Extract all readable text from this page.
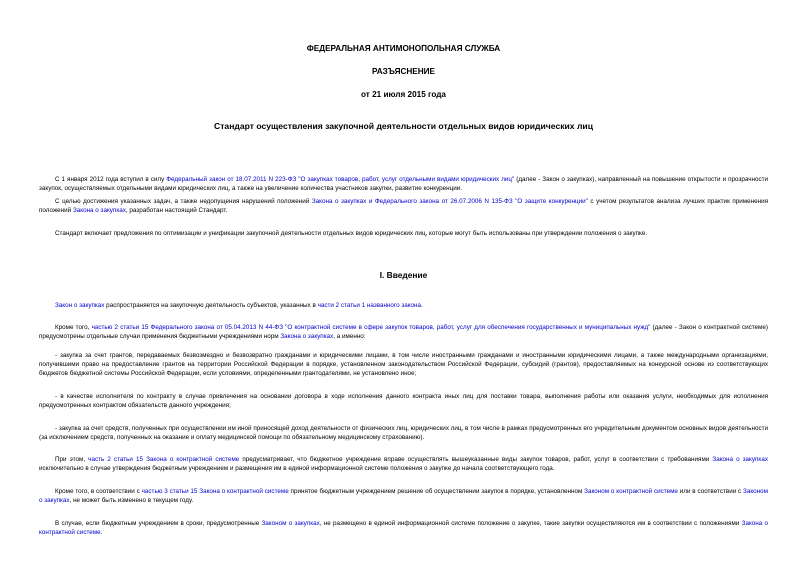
ФЕДЕРАЛЬНАЯ АНТИМОНОПОЛЬНАЯ СЛУЖБА
РАЗЪЯСНЕНИЕ
от 21 июля 2015 года
Стандарт осуществления закупочной деятельности отдельных видов юридических лиц

С 1 января 2012 года вступил в силу Федеральный закон от 18.07.2011 N 223-ФЗ "О закупках товаров, работ, услуг отдельными видами юридических лиц" (далее - Закон о закупках), направленный на повышение открытости и прозрачности закупок, осуществляемых отдельными видами юридических лиц, а также на увеличение количества участников закупки, развитие конкуренции.

С целью достижения указанных задач, а также недопущения нарушений положений Закона о закупках и Федерального закона от 26.07.2006 N 135-ФЗ "О защите конкуренции" с учетом результатов анализа лучших практик применения положений Закона о закупках, разработан настоящий Стандарт.

Стандарт включает предложения по оптимизации и унификации закупочной деятельности отдельных видов юридических лиц, которые могут быть использованы при утверждении положения о закупке.

I. Введение

Закон о закупках распространяется на закупочную деятельность субъектов, указанных в части 2 статьи 1 названного закона.

Кроме того, частью 2 статьи 15 Федерального закона от 05.04.2013 N 44-ФЗ "О контрактной системе в сфере закупок товаров, работ, услуг для обеспечения государственных и муниципальных нужд" (далее - Закон о контрактной системе) предусмотрены отдельные случаи применения бюджетными учреждениями норм Закона о закупках, а именно:

- закупка за счет грантов, передаваемых безвозмездно и безвозвратно гражданами и юридическими лицами, в том числе иностранными гражданами и иностранными юридическими лицами, а также международными организациями, получившими право на предоставление грантов на территории Российской Федерации в порядке, установленном законодательством Российской Федерации, субсидий (грантов), предоставляемых на конкурсной основе из соответствующих бюджетов бюджетной системы Российской Федерации, если условиями, определенными грантодателями, не установлено иное;

- в качестве исполнителя по контракту в случае привлечения на основании договора в ходе исполнения данного контракта иных лиц для поставки товара, выполнения работы или оказания услуги, необходимых для исполнения предусмотренных контрактом обязательств данного учреждения;

- закупка за счет средств, полученных при осуществлении им иной приносящей доход деятельности от физических лиц, юридических лиц, в том числе в рамках предусмотренных его учредительным документом основных видов деятельности (за исключением средств, полученных на оказание и оплату медицинской помощи по обязательному медицинскому страхованию).

При этом, часть 2 статьи 15 Закона о контрактной системе предусматривает, что бюджетное учреждение вправе осуществлять вышеуказанные виды закупок товаров, работ, услуг в соответствии с требованиями Закона о закупках исключительно в случае утверждения бюджетным учреждением и размещения им в единой информационной системе положения о закупке до начала соответствующего года.

Кроме того, в соответствии с частью 3 статьи 15 Закона о контрактной системе принятое бюджетным учреждением решение об осуществлении закупок в порядке, установленном Законом о контрактной системе или в соответствии с Законом о закупках, не может быть изменено в текущем году.

В случае, если бюджетным учреждением в сроки, предусмотренные Законом о закупках, не размещено в единой информационной системе положение о закупке, такие закупки осуществляются им в соответствии с положениями Закона о контрактной системе.
